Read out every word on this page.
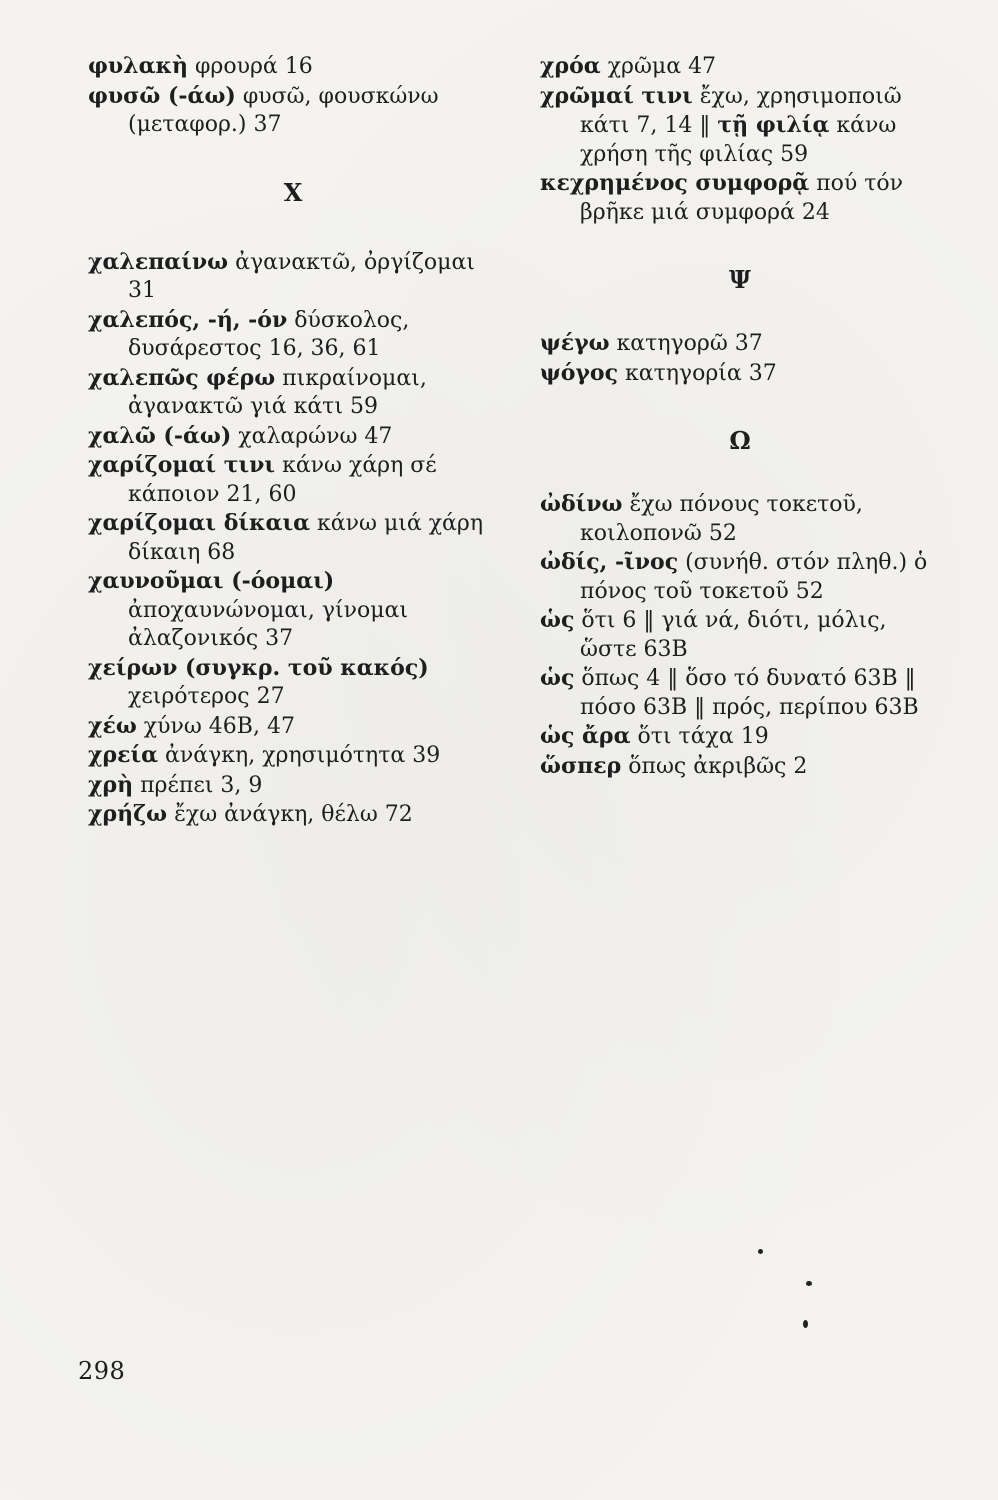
φυλακὴ φρουρά 16

φυσῶ (-άω) φυσῶ, φουσκώνω (μεταφορ.) 37

Χ

χαλεπαίνω ἀγανακτῶ, ὀργίζομαι 31

χαλεπός, -ή, -όν δύσκολος, δυσάρεστος 16, 36, 61

χαλεπῶς φέρω πικραίνομαι, ἀγανακτῶ γιά κάτι 59

χαλῶ (-άω) χαλαρώνω 47

χαρίζομαί τινι κάνω χάρη σέ κάποιον 21, 60

χαρίζομαι δίκαια κάνω μιά χάρη δίκαιη 68

χαυνοῦμαι (-όομαι) ἀποχαυνώνομαι, γίνομαι ἀλαζονικός 37

χείρων (συγκρ. τοῦ κακός) χειρότερος 27

χέω χύνω 46Β, 47

χρεία ἀνάγκη, χρησιμότητα 39

χρὴ πρέπει 3, 9

χρήζω ἔχω ἀνάγκη, θέλω 72

χρόα χρῶμα 47

χρῶμαί τινι ἔχω, χρησιμοποιῶ κάτι 7, 14 ‖ τῇ φιλίᾳ κάνω χρήση τῆς φιλίας 59

κεχρημένος συμφορᾷ πού τόν βρῆκε μιά συμφορά 24

Ψ

ψέγω κατηγορῶ 37

ψόγος κατηγορία 37

Ω

ὠδίνω ἔχω πόνους τοκετοῦ, κοιλοπονῶ 52

ὠδίς, -ῖνος (συνήθ. στόν πληθ.) ὁ πόνος τοῦ τοκετοῦ 52

ὡς ὅτι 6 ‖ γιά νά, διότι, μόλις, ὥστε 63Β

ὡς ὅπως 4 ‖ ὅσο τό δυνατό 63Β ‖ πόσο 63Β ‖ πρός, περίπου 63Β

ὡς ἄρα ὅτι τάχα 19

ὥσπερ ὅπως ἀκριβῶς 2

298
